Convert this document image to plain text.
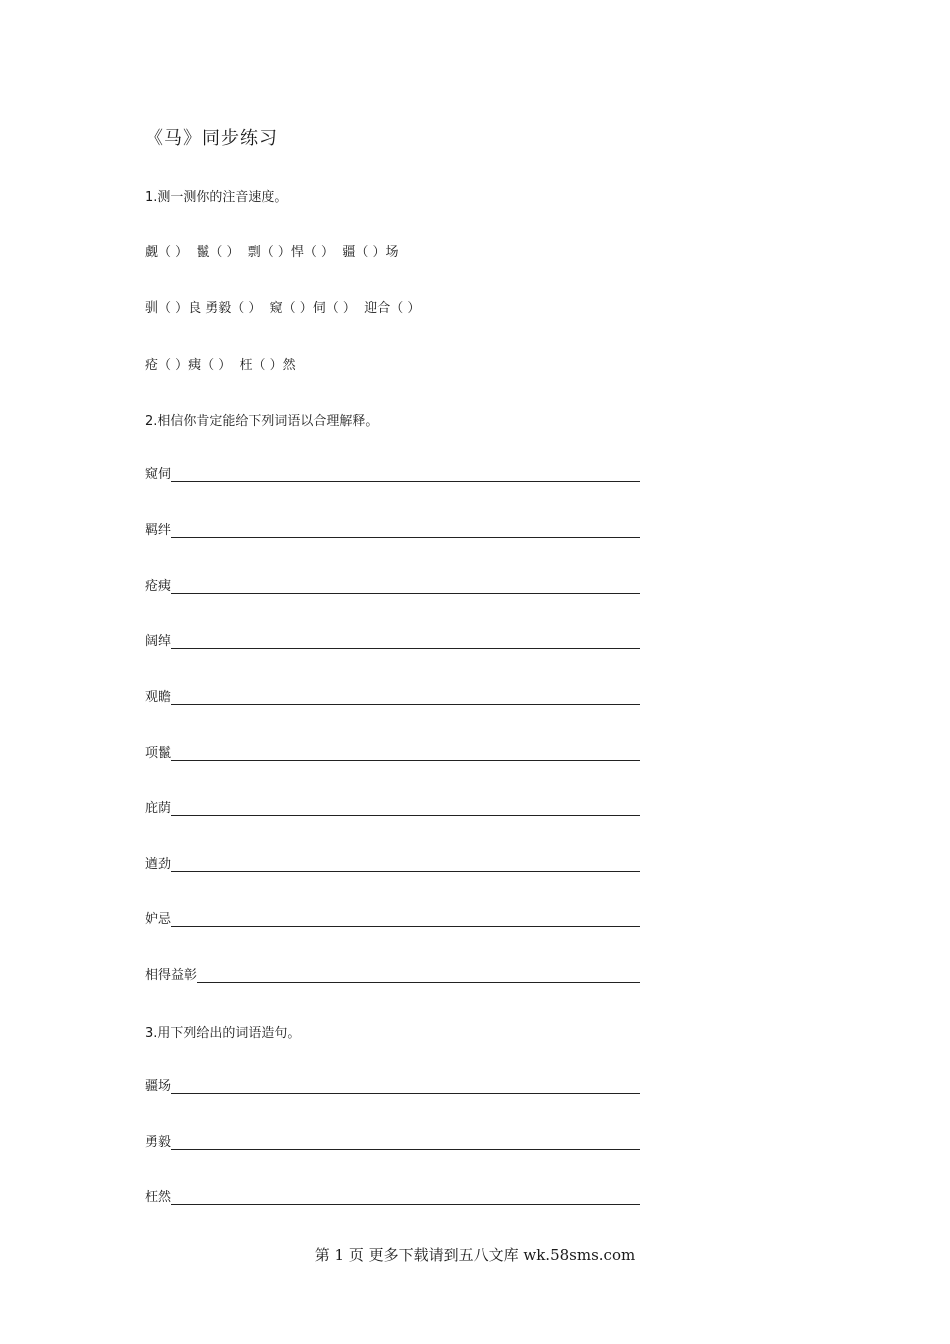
《马》同步练习
1.测一测你的注音速度。
觑（ ）  鬣（ ）  剽（ ）悍（ ）  疆（ ）场
驯（ ）良 勇毅（ ）  窥（ ）伺（ ）  迎合（ ）
疮（ ）痍（ ）  枉（ ）然
2.相信你肯定能给下列词语以合理解释。
窥伺
羁绊
疮痍
阔绰
观瞻
项鬣
庇荫
遒劲
妒忌
相得益彰
3.用下列给出的词语造句。
疆场
勇毅
枉然
第 1 页 更多下载请到五八文库 wk.58sms.com
